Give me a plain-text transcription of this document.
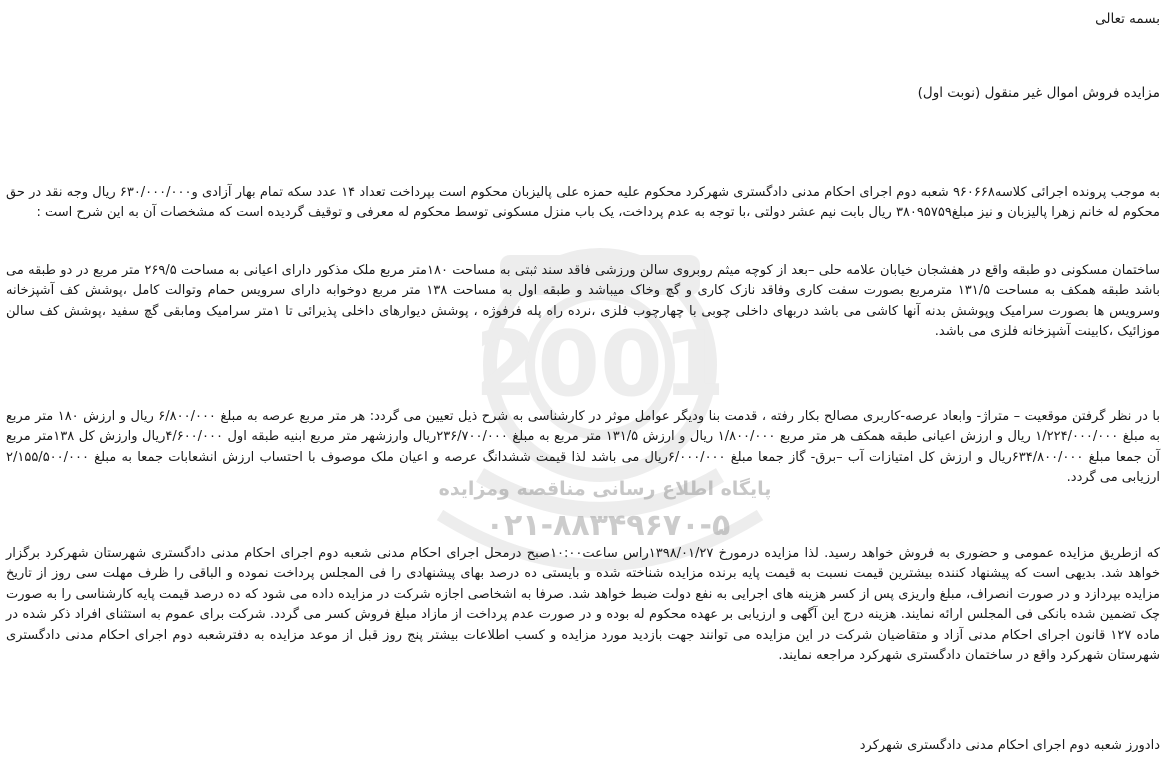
2001
پایگاه اطلاع رسانی مناقصه ومزایده
۰۲۱-۸۸۳۴۹۶۷۰-۵
بسمه تعالی
مزایده فروش اموال غیر منقول (نوبت اول)
به موجب پرونده اجرائی کلاسه۹۶۰۶۶۸ شعبه دوم اجرای احکام مدنی دادگستری شهرکرد محکوم علیه حمزه علی پالیزبان محکوم است بپرداخت تعداد ۱۴ عدد سکه تمام بهار آزادی و۶۳۰/۰۰۰/۰۰۰ ریال وجه نقد در حق محکوم له خانم زهرا پالیزبان و نیز مبلغ۳۸۰۹۵۷۵۹ ریال بابت نیم عشر دولتی ،با توجه به عدم پرداخت، یک باب منزل مسکونی توسط محکوم له معرفی و توقیف گردیده است که مشخصات آن به این شرح است :
ساختمان مسکونی دو طبقه واقع در هفشجان خیابان علامه حلی –بعد از کوچه میثم روبروی سالن ورزشی فاقد سند ثبتی به مساحت ۱۸۰متر مربع ملک مذکور دارای اعیانی به مساحت ۲۶۹/۵ متر مربع در دو طبقه می باشد طبقه همکف به مساحت ۱۳۱/۵ مترمربع بصورت سفت کاری وفاقد نازک کاری و گچ وخاک میباشد و طبقه اول به مساحت ۱۳۸ متر مربع دوخوابه دارای سرویس حمام وتوالت کامل ،پوشش کف آشپزخانه وسرویس ها بصورت سرامیک وپوشش بدنه آنها کاشی می باشد دربهای داخلی چوبی با چهارچوب فلزی ،نرده راه پله فرفوژه ، پوشش دیوارهای داخلی پذیرائی تا ۱متر سرامیک ومابقی گچ سفید ،پوشش کف سالن موزائیک ،کابینت آشپزخانه فلزی می باشد.
با در نظر گرفتن موقعیت – متراژ- وابعاد عرصه-کاربری مصالح بکار رفته ، قدمت بنا ودیگر عوامل موثر در کارشناسی به شرح ذیل تعیین می گردد: هر متر مربع عرصه به مبلغ ۶/۸۰۰/۰۰۰ ریال و ارزش ۱۸۰ متر مربع به مبلغ ۱/۲۲۴/۰۰۰/۰۰۰ ریال و ارزش اعیانی طبقه همکف هر متر مربع ۱/۸۰۰/۰۰۰ ریال و ارزش ۱۳۱/۵ متر مربع به مبلغ ۲۳۶/۷۰۰/۰۰۰ریال وارزشهر متر مربع ابنیه طبقه اول ۴/۶۰۰/۰۰۰ریال وارزش کل ۱۳۸متر مربع آن جمعا مبلغ ۶۳۴/۸۰۰/۰۰۰ریال و ارزش کل امتیازات آب –برق- گاز جمعا مبلغ ۶/۰۰۰/۰۰۰ریال می باشد لذا قیمت ششدانگ عرصه و اعیان ملک موصوف با احتساب ارزش انشعابات جمعا به مبلغ ۲/۱۵۵/۵۰۰/۰۰۰ ارزیابی می گردد.
که ازطریق مزایده عمومی و حضوری به فروش خواهد رسید. لذا مزایده درمورخ ۱۳۹۸/۰۱/۲۷راس ساعت۱۰:۰۰صبح درمحل اجرای احکام مدنی شعبه دوم اجرای احکام مدنی دادگستری شهرستان شهرکرد برگزار خواهد شد. بدیهی است که پیشنهاد کننده بیشترین قیمت نسبت به قیمت پایه برنده مزایده شناخته شده و بایستی ده درصد بهای پیشنهادی را فی المجلس پرداخت نموده و الباقی را ظرف مهلت سی روز از تاریخ مزایده بپردازد و در صورت انصراف، مبلغ واریزی پس از کسر هزینه های اجرایی به نفع دولت ضبط خواهد شد. صرفا به اشخاصی اجازه شرکت در مزایده داده می شود که ده درصد قیمت پایه کارشناسی را به صورت چک تضمین شده بانکی فی المجلس ارائه نمایند. هزینه درج این آگهی و ارزیابی بر عهده محکوم له بوده و در صورت عدم پرداخت از مازاد مبلغ فروش کسر می گردد. شرکت برای عموم به استثنای افراد ذکر شده در ماده ۱۲۷ قانون اجرای احکام مدنی آزاد و متقاضیان شرکت در این مزایده می توانند جهت بازدید مورد مزایده و کسب اطلاعات بیشتر پنج روز قبل از موعد مزایده به دفترشعبه دوم اجرای احکام مدنی دادگستری شهرستان شهرکرد واقع در ساختمان دادگستری شهرکرد مراجعه نمایند.
دادورز شعبه دوم اجرای احکام مدنی دادگستری شهرکرد
